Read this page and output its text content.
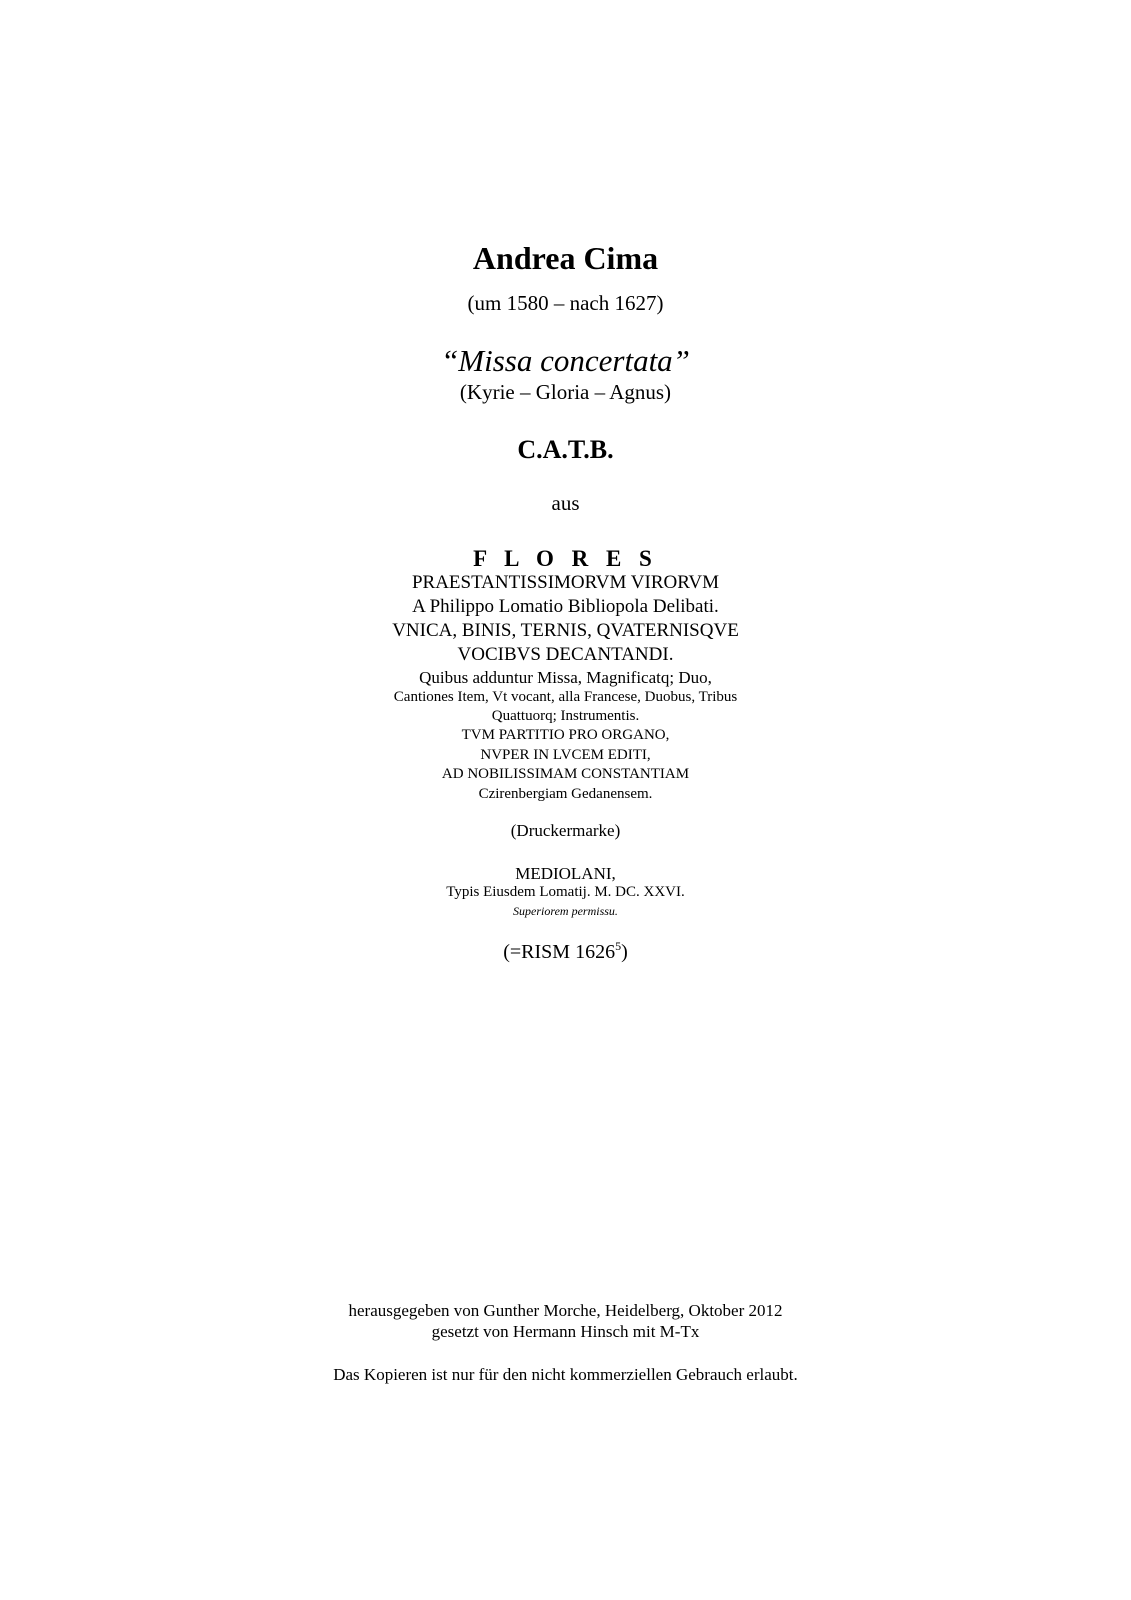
Andrea Cima
(um 1580 – nach 1627)
“Missa concertata”
(Kyrie – Gloria – Agnus)
C.A.T.B.
aus
F L O R E S
PRAESTANTISSIMORVM VIRORVM
A Philippo Lomatio Bibliopola Delibati.
VNICA, BINIS, TERNIS, QVATERNISQVE
VOCIBVS DECANTANDI.
Quibus adduntur Missa, Magnificatq; Duo,
Cantiones Item, Vt vocant, alla Francese, Duobus, Tribus
Quattuorq; Instrumentis.
TVM PARTITIO PRO ORGANO,
NVPER IN LVCEM EDITI,
AD NOBILISSIMAM CONSTANTIAM
Czirenbergiam Gedanensem.
(Druckermarke)
MEDIOLANI,
Typis Eiusdem Lomatij. M. DC. XXVI.
Superiorem permissu.
(=RISM 1626$^5$)
herausgegeben von Gunther Morche, Heidelberg, Oktober 2012
gesetzt von Hermann Hinsch mit M-Tx
Das Kopieren ist nur für den nicht kommerziellen Gebrauch erlaubt.
